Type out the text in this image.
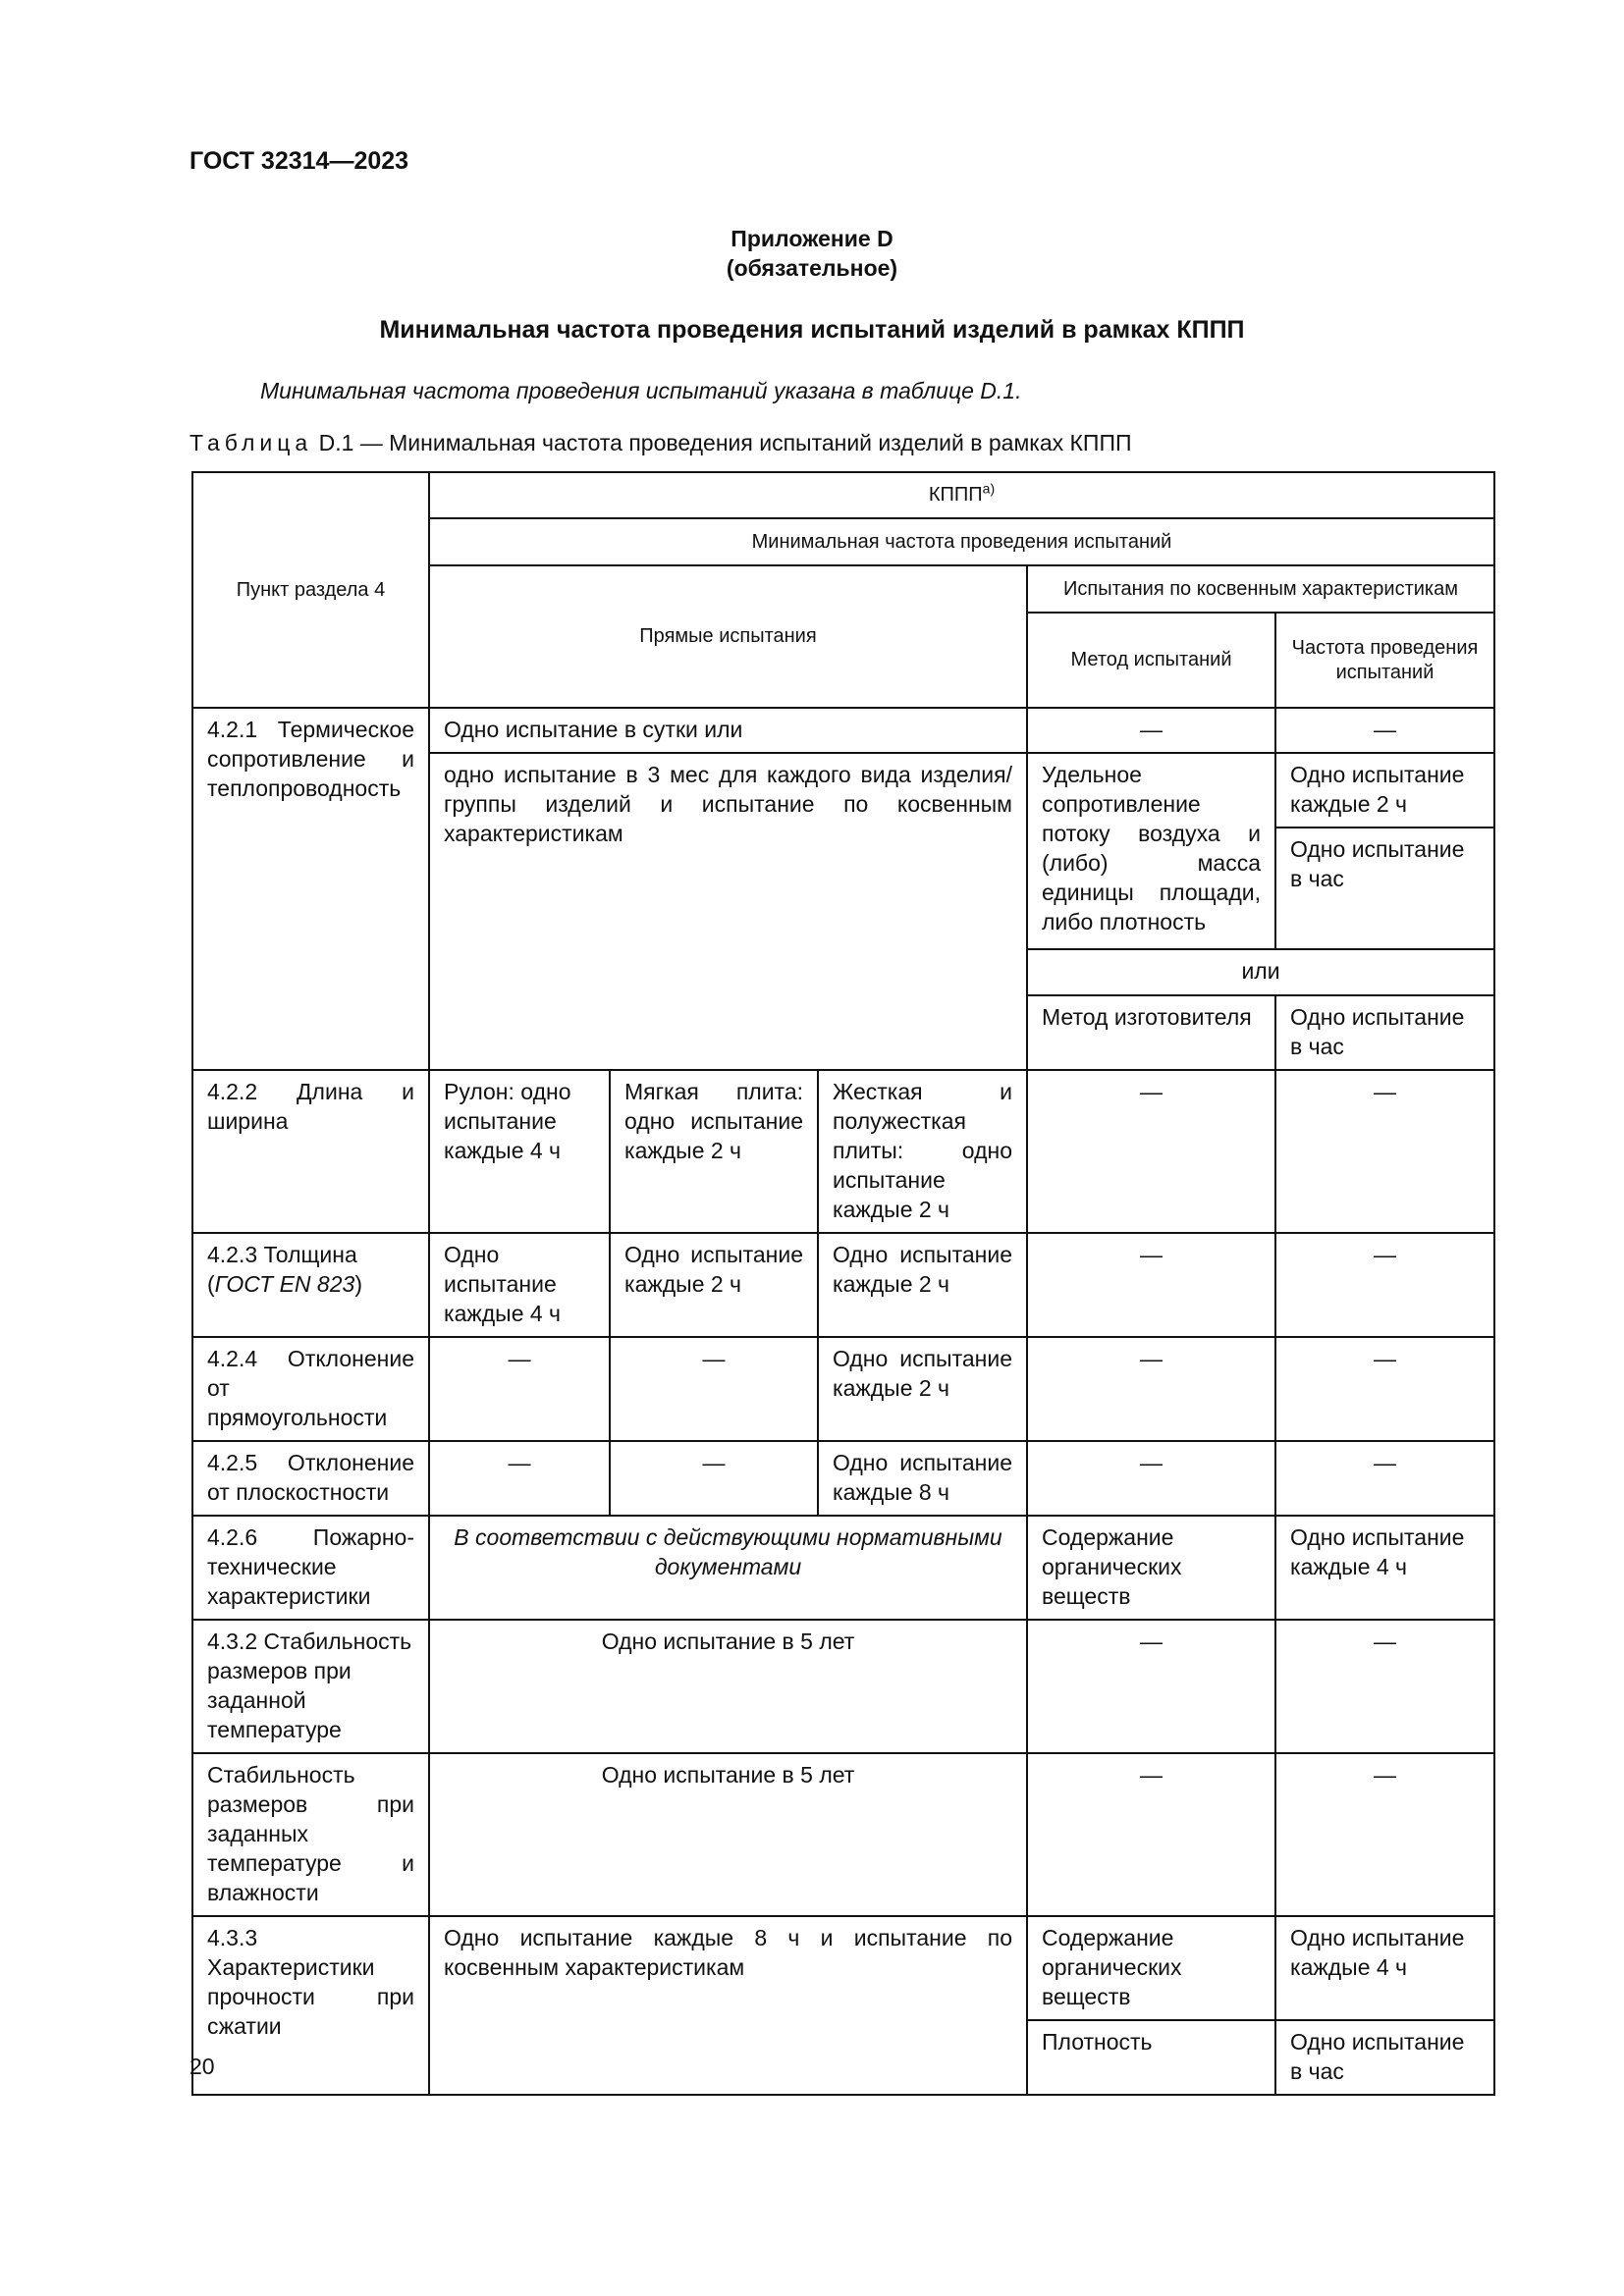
ГОСТ 32314—2023
Приложение D
(обязательное)
Минимальная частота проведения испытаний изделий в рамках КППП
Минимальная частота проведения испытаний указана в таблице D.1.
Таблица D.1 — Минимальная частота проведения испытаний изделий в рамках КППП
Пункт раздела 4	$КППП^{а)}$
	Минимальная частота проведения испытаний				
	Прямые испытания			Испытания по косвенным характеристикам	
				Метод испытаний	Частота проведения испытаний

4.2.1 Термическое сопротивление и теплопроводность	Одно испытание в сутки или			—	—
	одно испытание в 3 мес для каждого вида изделия/группы изделий и испытание по косвенным характеристикам			Удельное сопротивление потоку воздуха и (либо) масса единицы площади, либо плотность	Одно испытание каждые 2 ч
					Одно испытание в час
				или	
				Метод изготовителя	Одно испытание в час
4.2.2 Длина и ширина	Рулон: одно испытание каждые 4 ч	Мягкая плита: одно испытание каждые 2 ч	Жесткая и полужесткая плиты: одно испытание каждые 2 ч	—	—
4.2.3 Толщина (ГОСТ EN 823)	Одно испытание каждые 4 ч	Одно испытание каждые 2 ч	Одно испытание каждые 2 ч	—	—
4.2.4 Отклонение от прямоугольности	—	—	Одно испытание каждые 2 ч	—	—
4.2.5 Отклонение от плоскостности	—	—	Одно испытание каждые 8 ч	—	—
4.2.6 Пожарно-технические характеристики	В соответствии с действующими нормативными документами			Содержание органических веществ	Одно испытание каждые 4 ч
4.3.2 Стабильность размеров при заданной температуре	Одно испытание в 5 лет			—	—
Стабильность размеров при заданных температуре и влажности	Одно испытание в 5 лет			—	—
4.3.3 Характеристики прочности при сжатии	Одно испытание каждые 8 ч и испытание по косвенным характеристикам			Содержание органических веществ	Одно испытание каждые 4 ч
				Плотность	Одно испытание в час
20
